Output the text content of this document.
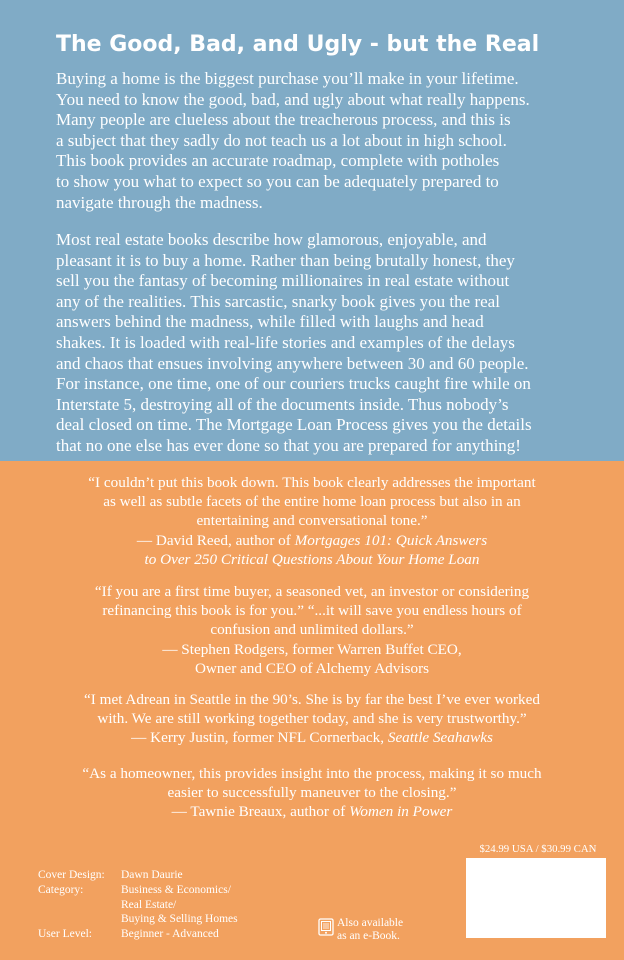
The Good, Bad, and Ugly - but the Real

Buying a home is the biggest purchase you’ll make in your lifetime.
You need to know the good, bad, and ugly about what really happens.
Many people are clueless about the treacherous process, and this is
a subject that they sadly do not teach us a lot about in high school.
This book provides an accurate roadmap, complete with potholes
to show you what to expect so you can be adequately prepared to
navigate through the madness.

Most real estate books describe how glamorous, enjoyable, and
pleasant it is to buy a home. Rather than being brutally honest, they
sell you the fantasy of becoming millionaires in real estate without
any of the realities. This sarcastic, snarky book gives you the real
answers behind the madness, while filled with laughs and head
shakes. It is loaded with real-life stories and examples of the delays
and chaos that ensues involving anywhere between 30 and 60 people.
For instance, one time, one of our couriers trucks caught fire while on
Interstate 5, destroying all of the documents inside. Thus nobody’s
deal closed on time. The Mortgage Loan Process gives you the details
that no one else has ever done so that you are prepared for anything!

“I couldn’t put this book down. This book clearly addresses the important
as well as subtle facets of the entire home loan process but also in an
entertaining and conversational tone.”
— David Reed, author of Mortgages 101: Quick Answers
to Over 250 Critical Questions About Your Home Loan
“If you are a first time buyer, a seasoned vet, an investor or considering
refinancing this book is for you.” “...it will save you endless hours of
confusion and unlimited dollars.”
— Stephen Rodgers, former Warren Buffet CEO,
Owner and CEO of Alchemy Advisors
“I met Adrean in Seattle in the 90’s. She is by far the best I’ve ever worked
with. We are still working together today, and she is very trustworthy.”
— Kerry Justin, former NFL Cornerback, Seattle Seahawks
“As a homeowner, this provides insight into the process, making it so much
easier to successfully maneuver to the closing.”
— Tawnie Breaux, author of Women in Power
Cover Design:	Dawn Daurie
Category:	Business & Economics/
Real Estate/
Buying & Selling Homes
User Level:	Beginner - Advanced
Also available
as an e-Book.
$24.99 USA / $30.99 CAN
